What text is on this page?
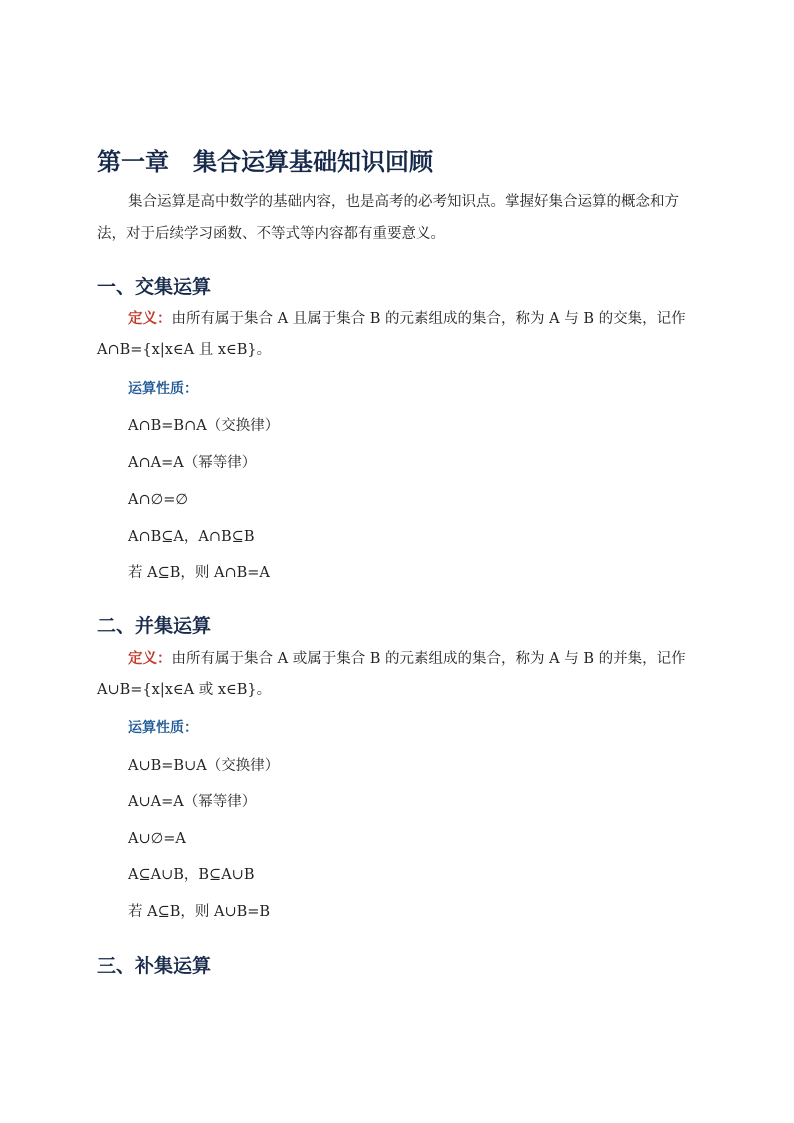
第一章　集合运算基础知识回顾

集合运算是高中数学的基础内容，也是高考的必考知识点。掌握好集合运算的概念和方法，对于后续学习函数、不等式等内容都有重要意义。

一、交集运算

定义：由所有属于集合 A 且属于集合 B 的元素组成的集合，称为 A 与 B 的交集，记作 A∩B={x|x∈A 且 x∈B}。

运算性质：

A∩B=B∩A（交换律）

A∩A=A（幂等律）

A∩∅=∅

A∩B⊆A，A∩B⊆B

若 A⊆B，则 A∩B=A

二、并集运算

定义：由所有属于集合 A 或属于集合 B 的元素组成的集合，称为 A 与 B 的并集，记作 A∪B={x|x∈A 或 x∈B}。

运算性质：

A∪B=B∪A（交换律）

A∪A=A（幂等律）

A∪∅=A

A⊆A∪B，B⊆A∪B

若 A⊆B，则 A∪B=B

三、补集运算
